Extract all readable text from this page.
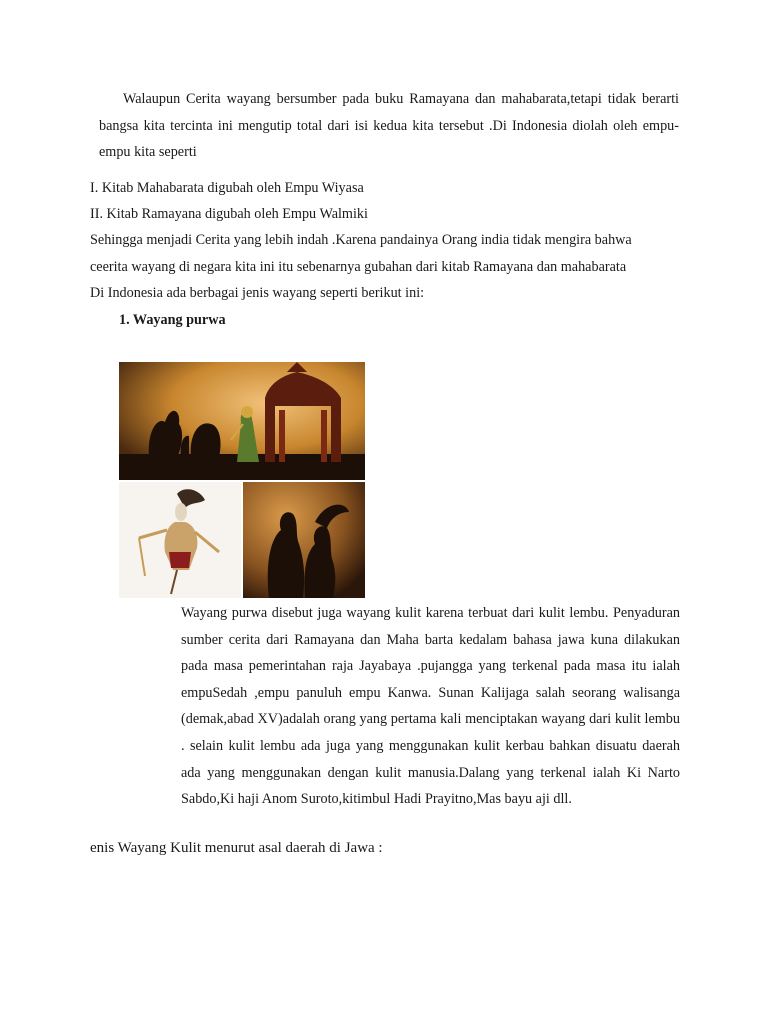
Walaupun Cerita wayang bersumber pada buku Ramayana dan mahabarata,tetapi tidak berarti bangsa kita tercinta ini mengutip total dari isi kedua kita tersebut .Di Indonesia diolah oleh empu-empu kita seperti
I. Kitab Mahabarata digubah oleh Empu Wiyasa
II. Kitab Ramayana digubah oleh Empu Walmiki
Sehingga menjadi Cerita yang lebih indah .Karena pandainya Orang india tidak mengira bahwa
ceerita wayang di negara kita ini itu sebenarnya gubahan dari kitab Ramayana dan mahabarata
Di Indonesia ada berbagai jenis wayang seperti berikut ini:
1. Wayang purwa
Wayang purwa disebut juga wayang kulit karena terbuat dari kulit lembu. Penyaduran sumber cerita dari Ramayana dan Maha barta kedalam bahasa jawa kuna dilakukan pada masa pemerintahan raja Jayabaya .pujangga yang terkenal pada masa itu ialah empuSedah ,empu panuluh empu Kanwa. Sunan Kalijaga salah seorang walisanga (demak,abad XV)adalah orang yang pertama kali menciptakan wayang dari kulit lembu . selain kulit lembu ada juga yang menggunakan kulit kerbau bahkan disuatu daerah ada yang menggunakan dengan kulit manusia.Dalang yang terkenal ialah Ki Narto Sabdo,Ki haji Anom Suroto,kitimbul Hadi Prayitno,Mas bayu aji dll.
enis Wayang Kulit menurut asal daerah di Jawa :
